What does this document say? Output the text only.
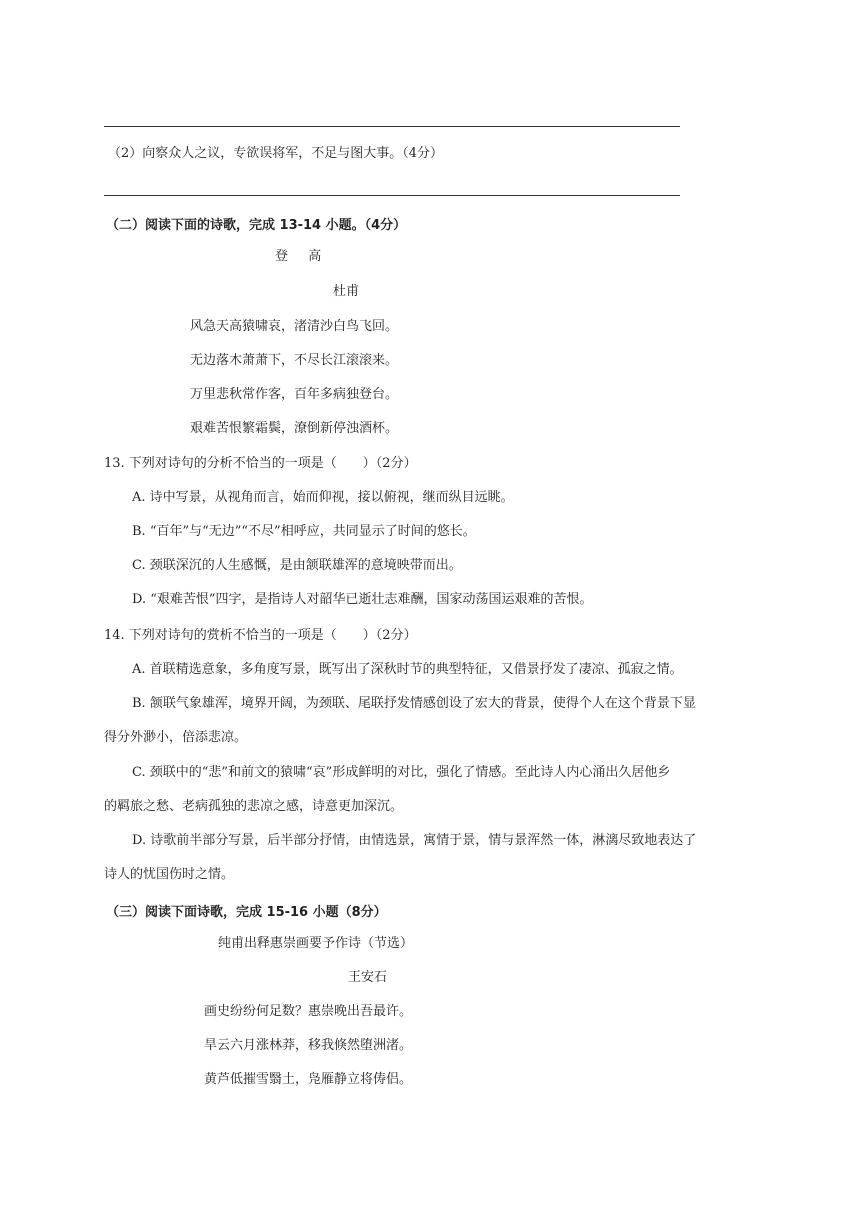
（2）向察众人之议，专欲误将军，不足与图大事。（4分）
（二）阅读下面的诗歌，完成 13-14 小题。（4分）
登  高
杜甫
风急天高猿啸哀，渚清沙白鸟飞回。
无边落木萧萧下，不尽长江滚滚来。
万里悲秋常作客，百年多病独登台。
艰难苦恨繁霜鬓，潦倒新停浊酒杯。
13. 下列对诗句的分析不恰当的一项是（　　）（2分）
A. 诗中写景，从视角而言，始而仰视，接以俯视，继而纵目远眺。
B. “百年”与“无边”“不尽”相呼应，共同显示了时间的悠长。
C. 颈联深沉的人生感慨，是由颔联雄浑的意境映带而出。
D. “艰难苦恨”四字，是指诗人对韶华已逝壮志难酬，国家动荡国运艰难的苦恨。
14. 下列对诗句的赏析不恰当的一项是（　　）（2分）
A. 首联精选意象，多角度写景，既写出了深秋时节的典型特征，又借景抒发了凄凉、孤寂之情。
B. 颔联气象雄浑，境界开阔，为颈联、尾联抒发情感创设了宏大的背景，使得个人在这个背景下显
得分外渺小，倍添悲凉。
C. 颈联中的“悲”和前文的猿啸“哀”形成鲜明的对比，强化了情感。至此诗人内心涌出久居他乡
的羁旅之愁、老病孤独的悲凉之感，诗意更加深沉。
D. 诗歌前半部分写景，后半部分抒情，由情选景，寓情于景，情与景浑然一体，淋漓尽致地表达了
诗人的忧国伤时之情。
（三）阅读下面诗歌，完成 15-16 小题（8分）
纯甫出释惠崇画要予作诗（节选）
王安石
画史纷纷何足数？惠崇晚出吾最许。
旱云六月涨林莽，移我倏然堕洲渚。
黄芦低摧雪翳土，凫雁静立将俦侣。
